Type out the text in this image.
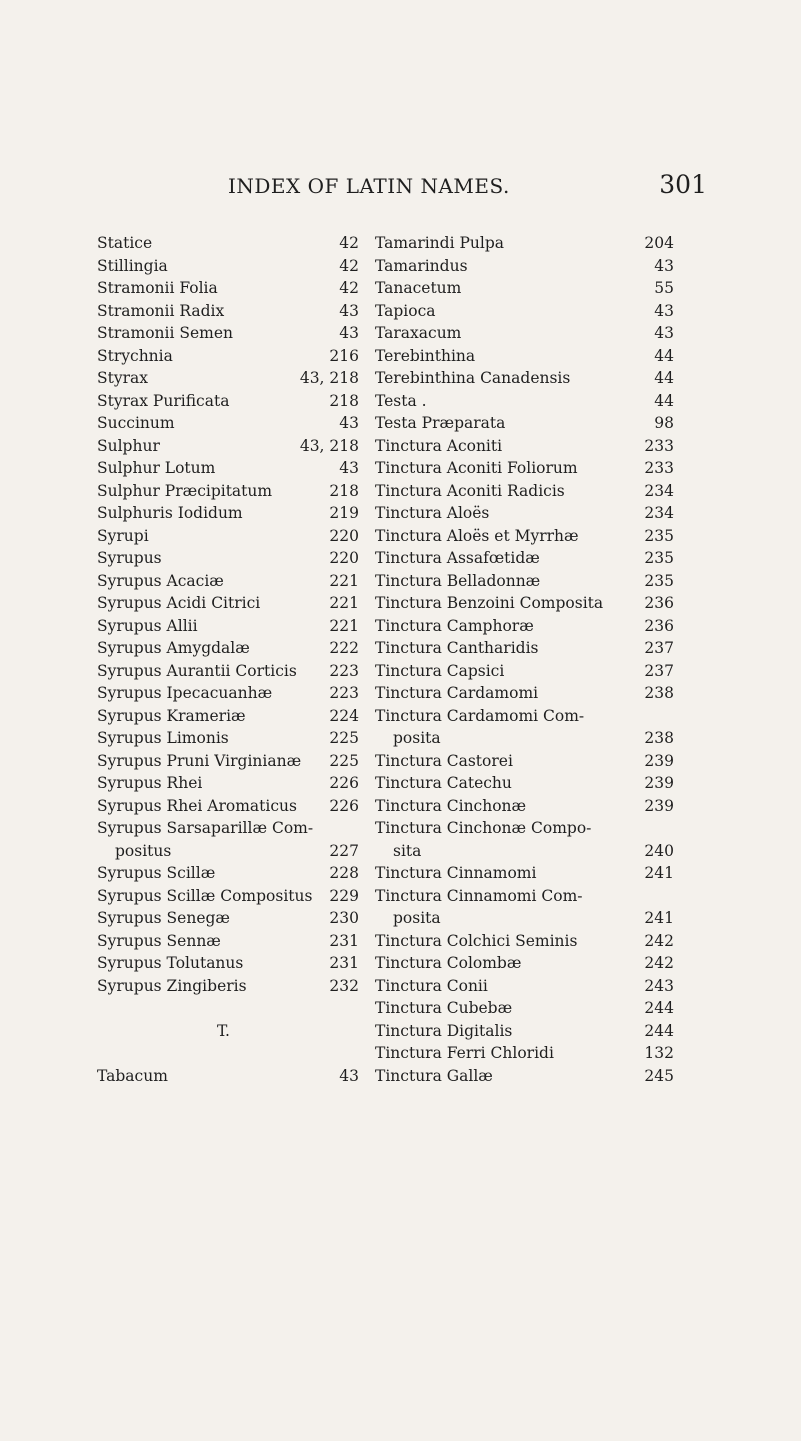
INDEX OF LATIN NAMES.	301
Statice	42
Stillingia	42
Stramonii Folia	42
Stramonii Radix	43
Stramonii Semen	43
Strychnia	216
Styrax	43, 218
Styrax Purificata	218
Succinum	43
Sulphur	43, 218
Sulphur Lotum	43
Sulphur Præcipitatum	218
Sulphuris Iodidum	219
Syrupi	220
Syrupus	220
Syrupus Acaciæ	221
Syrupus Acidi Citrici	221
Syrupus Allii	221
Syrupus Amygdalæ	222
Syrupus Aurantii Corticis 223
Syrupus Ipecacuanhæ	223
Syrupus Krameriæ	224
Syrupus Limonis	225
Syrupus Pruni Virginianæ 225
Syrupus Rhei	226
Syrupus Rhei Aromaticus 226
Syrupus Sarsaparillæ Com-
positus	227
Syrupus Scillæ	228
Syrupus Scillæ Compositus 229
Syrupus Senegæ	230
Syrupus Sennæ	231
Syrupus Tolutanus	231
Syrupus Zingiberis	232
T.
Tabacum	43
Tamarindi Pulpa	204
Tamarindus	43
Tanacetum	55
Tapioca	43
Taraxacum	43
Terebinthina	44
Terebinthina Canadensis	44
Testa .	44
Testa Præparata	98
Tinctura Aconiti	233
Tinctura Aconiti Foliorum	233
Tinctura Aconiti Radicis	234
Tinctura Aloës	234
Tinctura Aloës et Myrrhæ	235
Tinctura Assafœtidæ	235
Tinctura Belladonnæ	235
Tinctura Benzoini Composita	236
Tinctura Camphoræ	236
Tinctura Cantharidis	237
Tinctura Capsici	237
Tinctura Cardamomi	238
Tinctura Cardamomi Com-
posita	238
Tinctura Castorei	239
Tinctura Catechu	239
Tinctura Cinchonæ	239
Tinctura Cinchonæ Compo-
sita	240
Tinctura Cinnamomi	241
Tinctura Cinnamomi Com-
posita	241
Tinctura Colchici Seminis	242
Tinctura Colombæ	242
Tinctura Conii	243
Tinctura Cubebæ	244
Tinctura Digitalis	244
Tinctura Ferri Chloridi	132
Tinctura Gallæ	245
